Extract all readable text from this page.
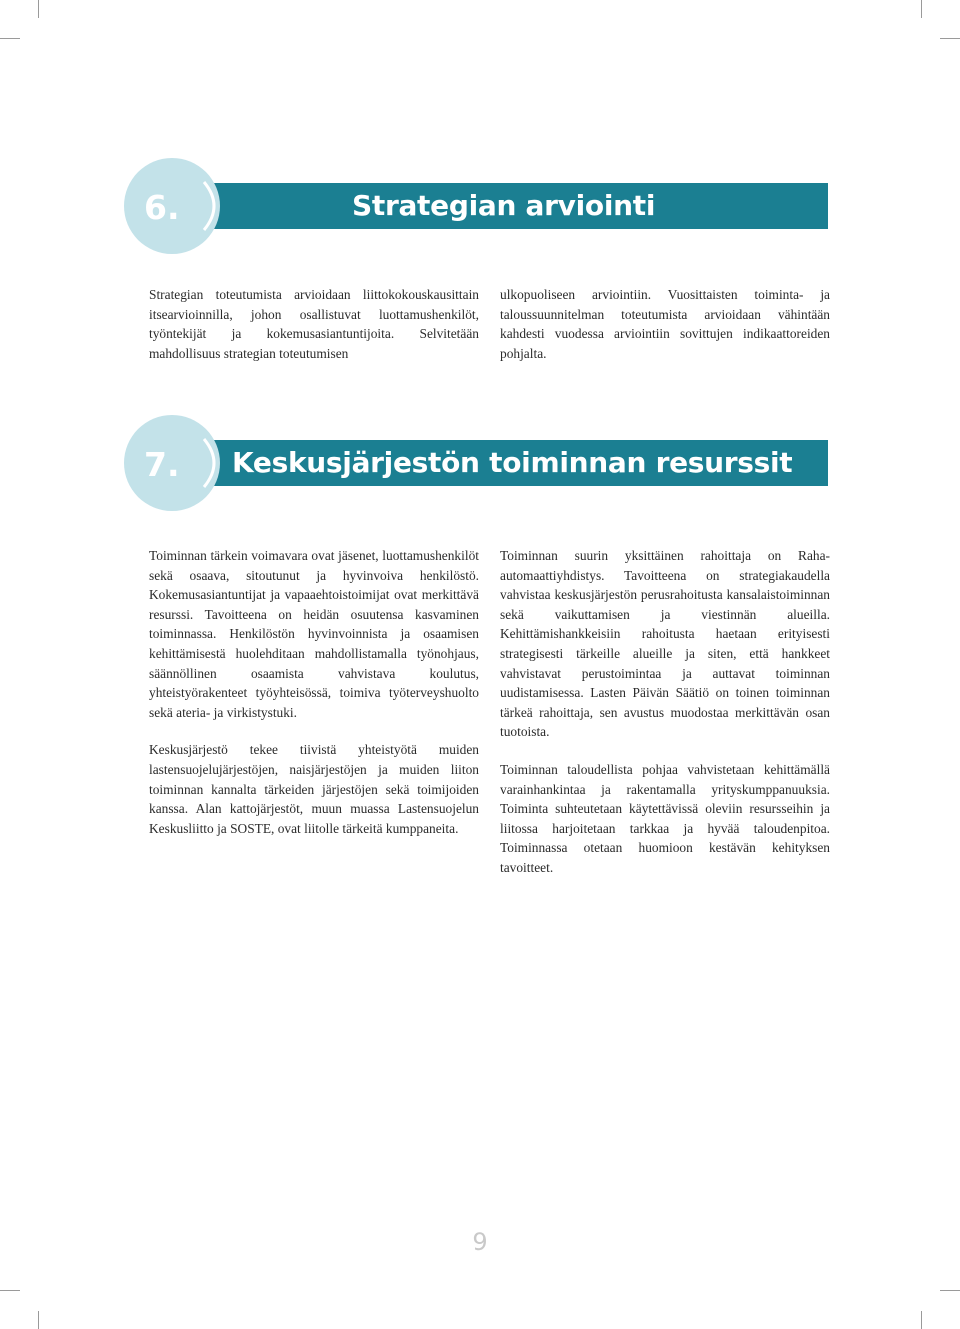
Strategian arviointi
6.

Strategian toteutumista arvioidaan liittokokouskausittain itsearvioinnilla, johon osallistuvat luottamushenkilöt, työntekijät ja kokemusasiantuntijoita. Selvitetään mahdollisuus strategian toteutumisen

ulkopuoliseen arviointiin. Vuosittaisten toiminta- ja taloussuunnitelman toteutumista arvioidaan vähintään kahdesti vuodessa arviointiin sovittujen indikaattoreiden pohjalta.

Keskusjärjestön toiminnan resurssit
7.

Toiminnan tärkein voimavara ovat jäsenet, luottamushenkilöt sekä osaava, sitoutunut ja hyvinvoiva henkilöstö. Kokemusasiantuntijat ja vapaaehtoistoimijat ovat merkittävä resurssi. Tavoitteena on heidän osuutensa kasvaminen toiminnassa. Henkilöstön hyvinvoinnista ja osaamisen kehittämisestä huolehditaan mahdollistamalla työnohjaus, säännöllinen osaamista vahvistava koulutus, yhteistyörakenteet työyhteisössä, toimiva työterveyshuolto sekä ateria- ja virkistystuki.

Keskusjärjestö tekee tiivistä yhteistyötä muiden lastensuojelujärjestöjen, naisjärjestöjen ja muiden liiton toiminnan kannalta tärkeiden järjestöjen sekä toimijoiden kanssa. Alan kattojärjestöt, muun muassa Lastensuojelun Keskusliitto ja SOSTE, ovat liitolle tärkeitä kumppaneita.

Toiminnan suurin yksittäinen rahoittaja on Raha-automaattiyhdistys. Tavoitteena on strategiakaudella vahvistaa keskusjärjestön perusrahoitusta kansalaistoiminnan sekä vaikuttamisen ja viestinnän alueilla. Kehittämishankkeisiin rahoitusta haetaan erityisesti strategisesti tärkeille alueille ja siten, että hankkeet vahvistavat perustoimintaa ja auttavat toiminnan uudistamisessa. Lasten Päivän Säätiö on toinen toiminnan tärkeä rahoittaja, sen avustus muodostaa merkittävän osan tuotoista.

Toiminnan taloudellista pohjaa vahvistetaan kehittämällä varainhankintaa ja rakentamalla yrityskumppanuuksia. Toiminta suhteutetaan käytettävissä oleviin resursseihin ja liitossa harjoitetaan tarkkaa ja hyvää taloudenpitoa. Toiminnassa otetaan huomioon kestävän kehityksen tavoitteet.

9
